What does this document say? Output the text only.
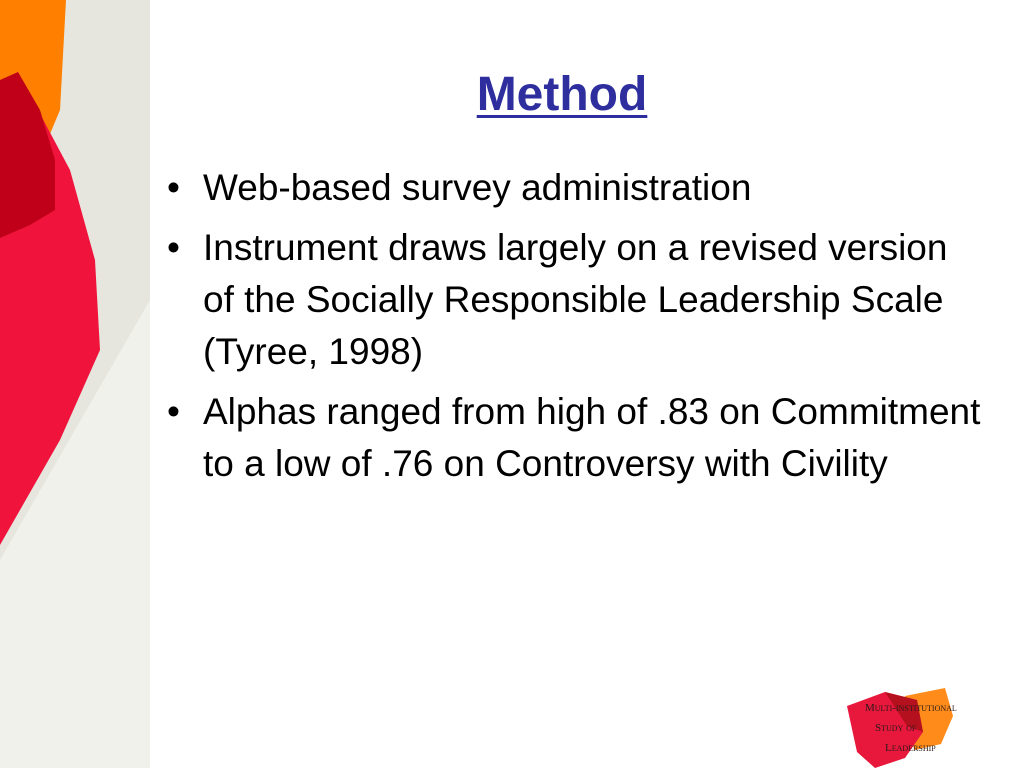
Method
• Web-based survey administration
• Instrument draws largely on a revised version of the Socially Responsible Leadership Scale (Tyree, 1998)
• Alphas ranged from high of .83 on Commitment to a low of .76 on Controversy with Civility
Multi-institutional
Study of
Leadership
